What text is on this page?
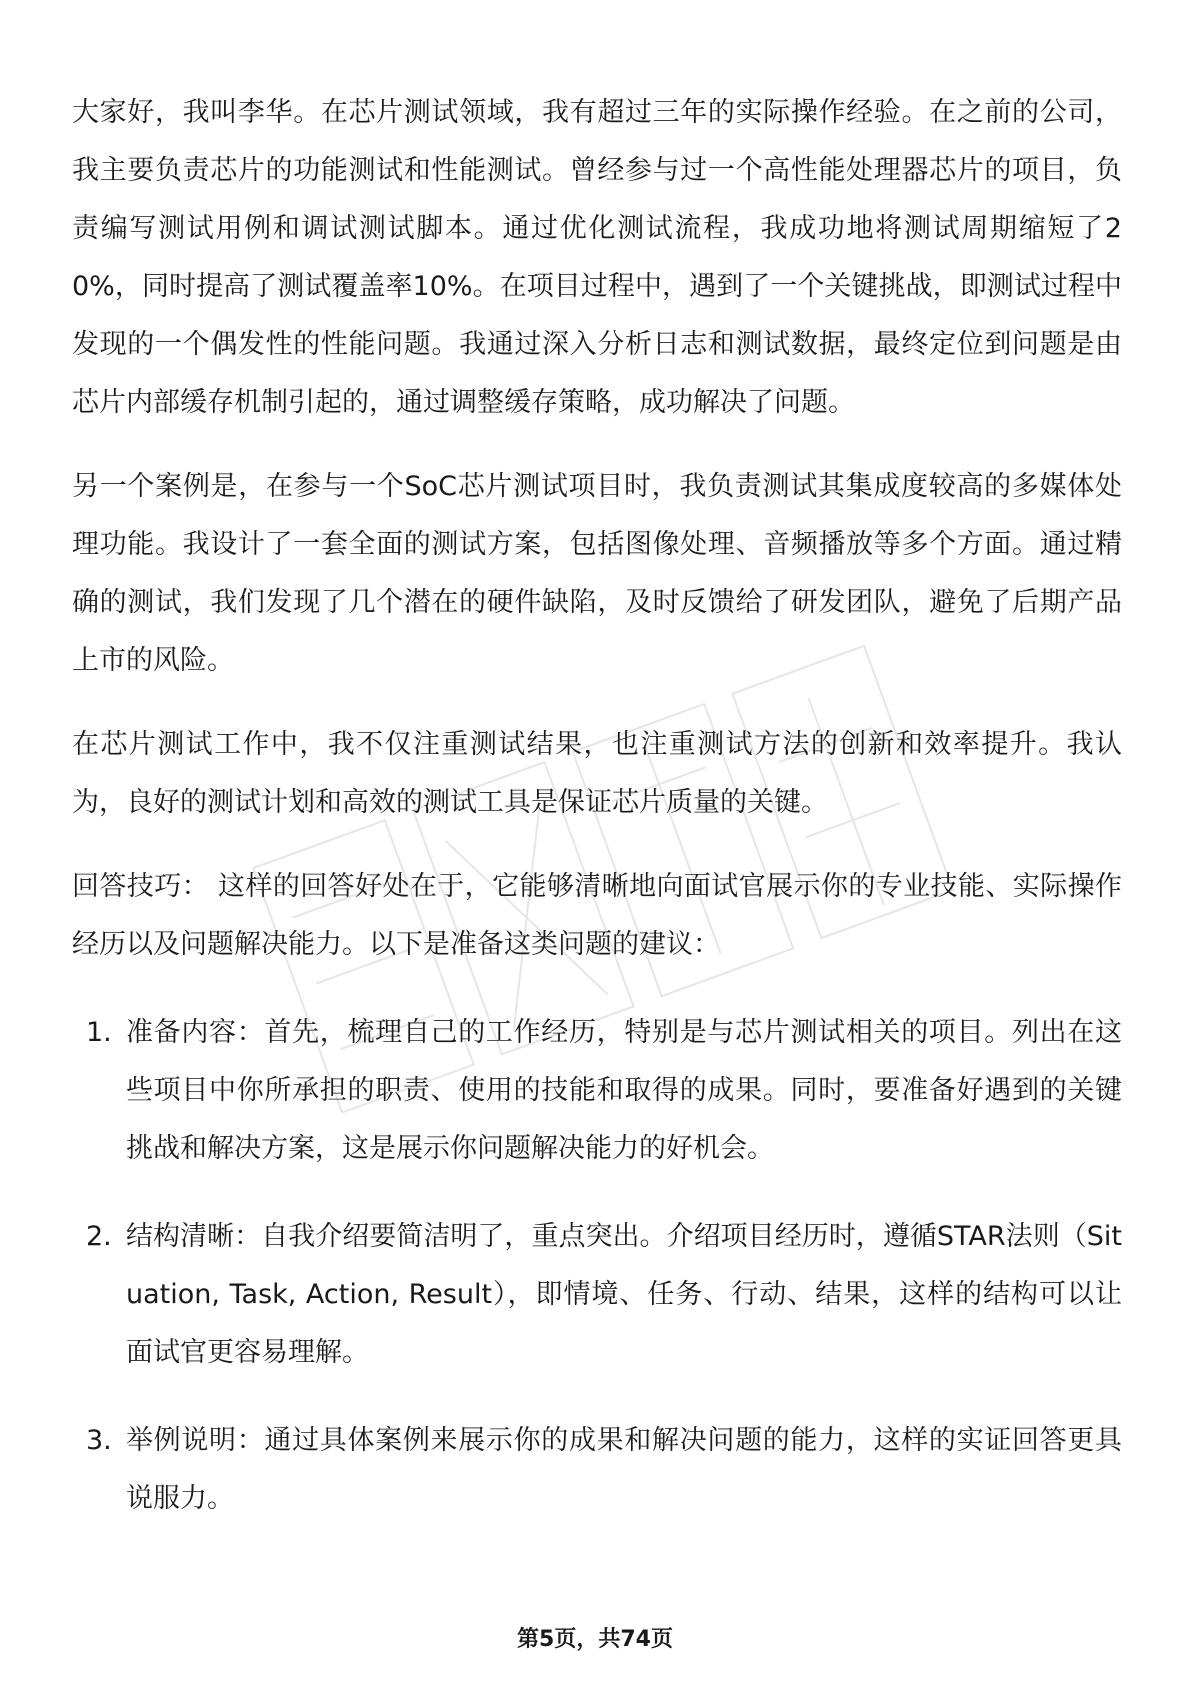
大家好，我叫李华。在芯片测试领域，我有超过三年的实际操作经验。在之前的公司，我主要负责芯片的功能测试和性能测试。曾经参与过一个高性能处理器芯片的项目，负责编写测试用例和调试测试脚本。通过优化测试流程，我成功地将测试周期缩短了20%，同时提高了测试覆盖率10%。在项目过程中，遇到了一个关键挑战，即测试过程中发现的一个偶发性的性能问题。我通过深入分析日志和测试数据，最终定位到问题是由芯片内部缓存机制引起的，通过调整缓存策略，成功解决了问题。

另一个案例是，在参与一个SoC芯片测试项目时，我负责测试其集成度较高的多媒体处理功能。我设计了一套全面的测试方案，包括图像处理、音频播放等多个方面。通过精确的测试，我们发现了几个潜在的硬件缺陷，及时反馈给了研发团队，避免了后期产品上市的风险。

在芯片测试工作中，我不仅注重测试结果，也注重测试方法的创新和效率提升。我认为，良好的测试计划和高效的测试工具是保证芯片质量的关键。

回答技巧： 这样的回答好处在于，它能够清晰地向面试官展示你的专业技能、实际操作经历以及问题解决能力。以下是准备这类问题的建议：

1. 准备内容：首先，梳理自己的工作经历，特别是与芯片测试相关的项目。列出在这些项目中你所承担的职责、使用的技能和取得的成果。同时，要准备好遇到的关键挑战和解决方案，这是展示你问题解决能力的好机会。
2. 结构清晰：自我介绍要简洁明了，重点突出。介绍项目经历时，遵循STAR法则（Situation, Task, Action, Result），即情境、任务、行动、结果，这样的结构可以让面试官更容易理解。
3. 举例说明：通过具体案例来展示你的成果和解决问题的能力，这样的实证回答更具说服力。
第5页，共74页
